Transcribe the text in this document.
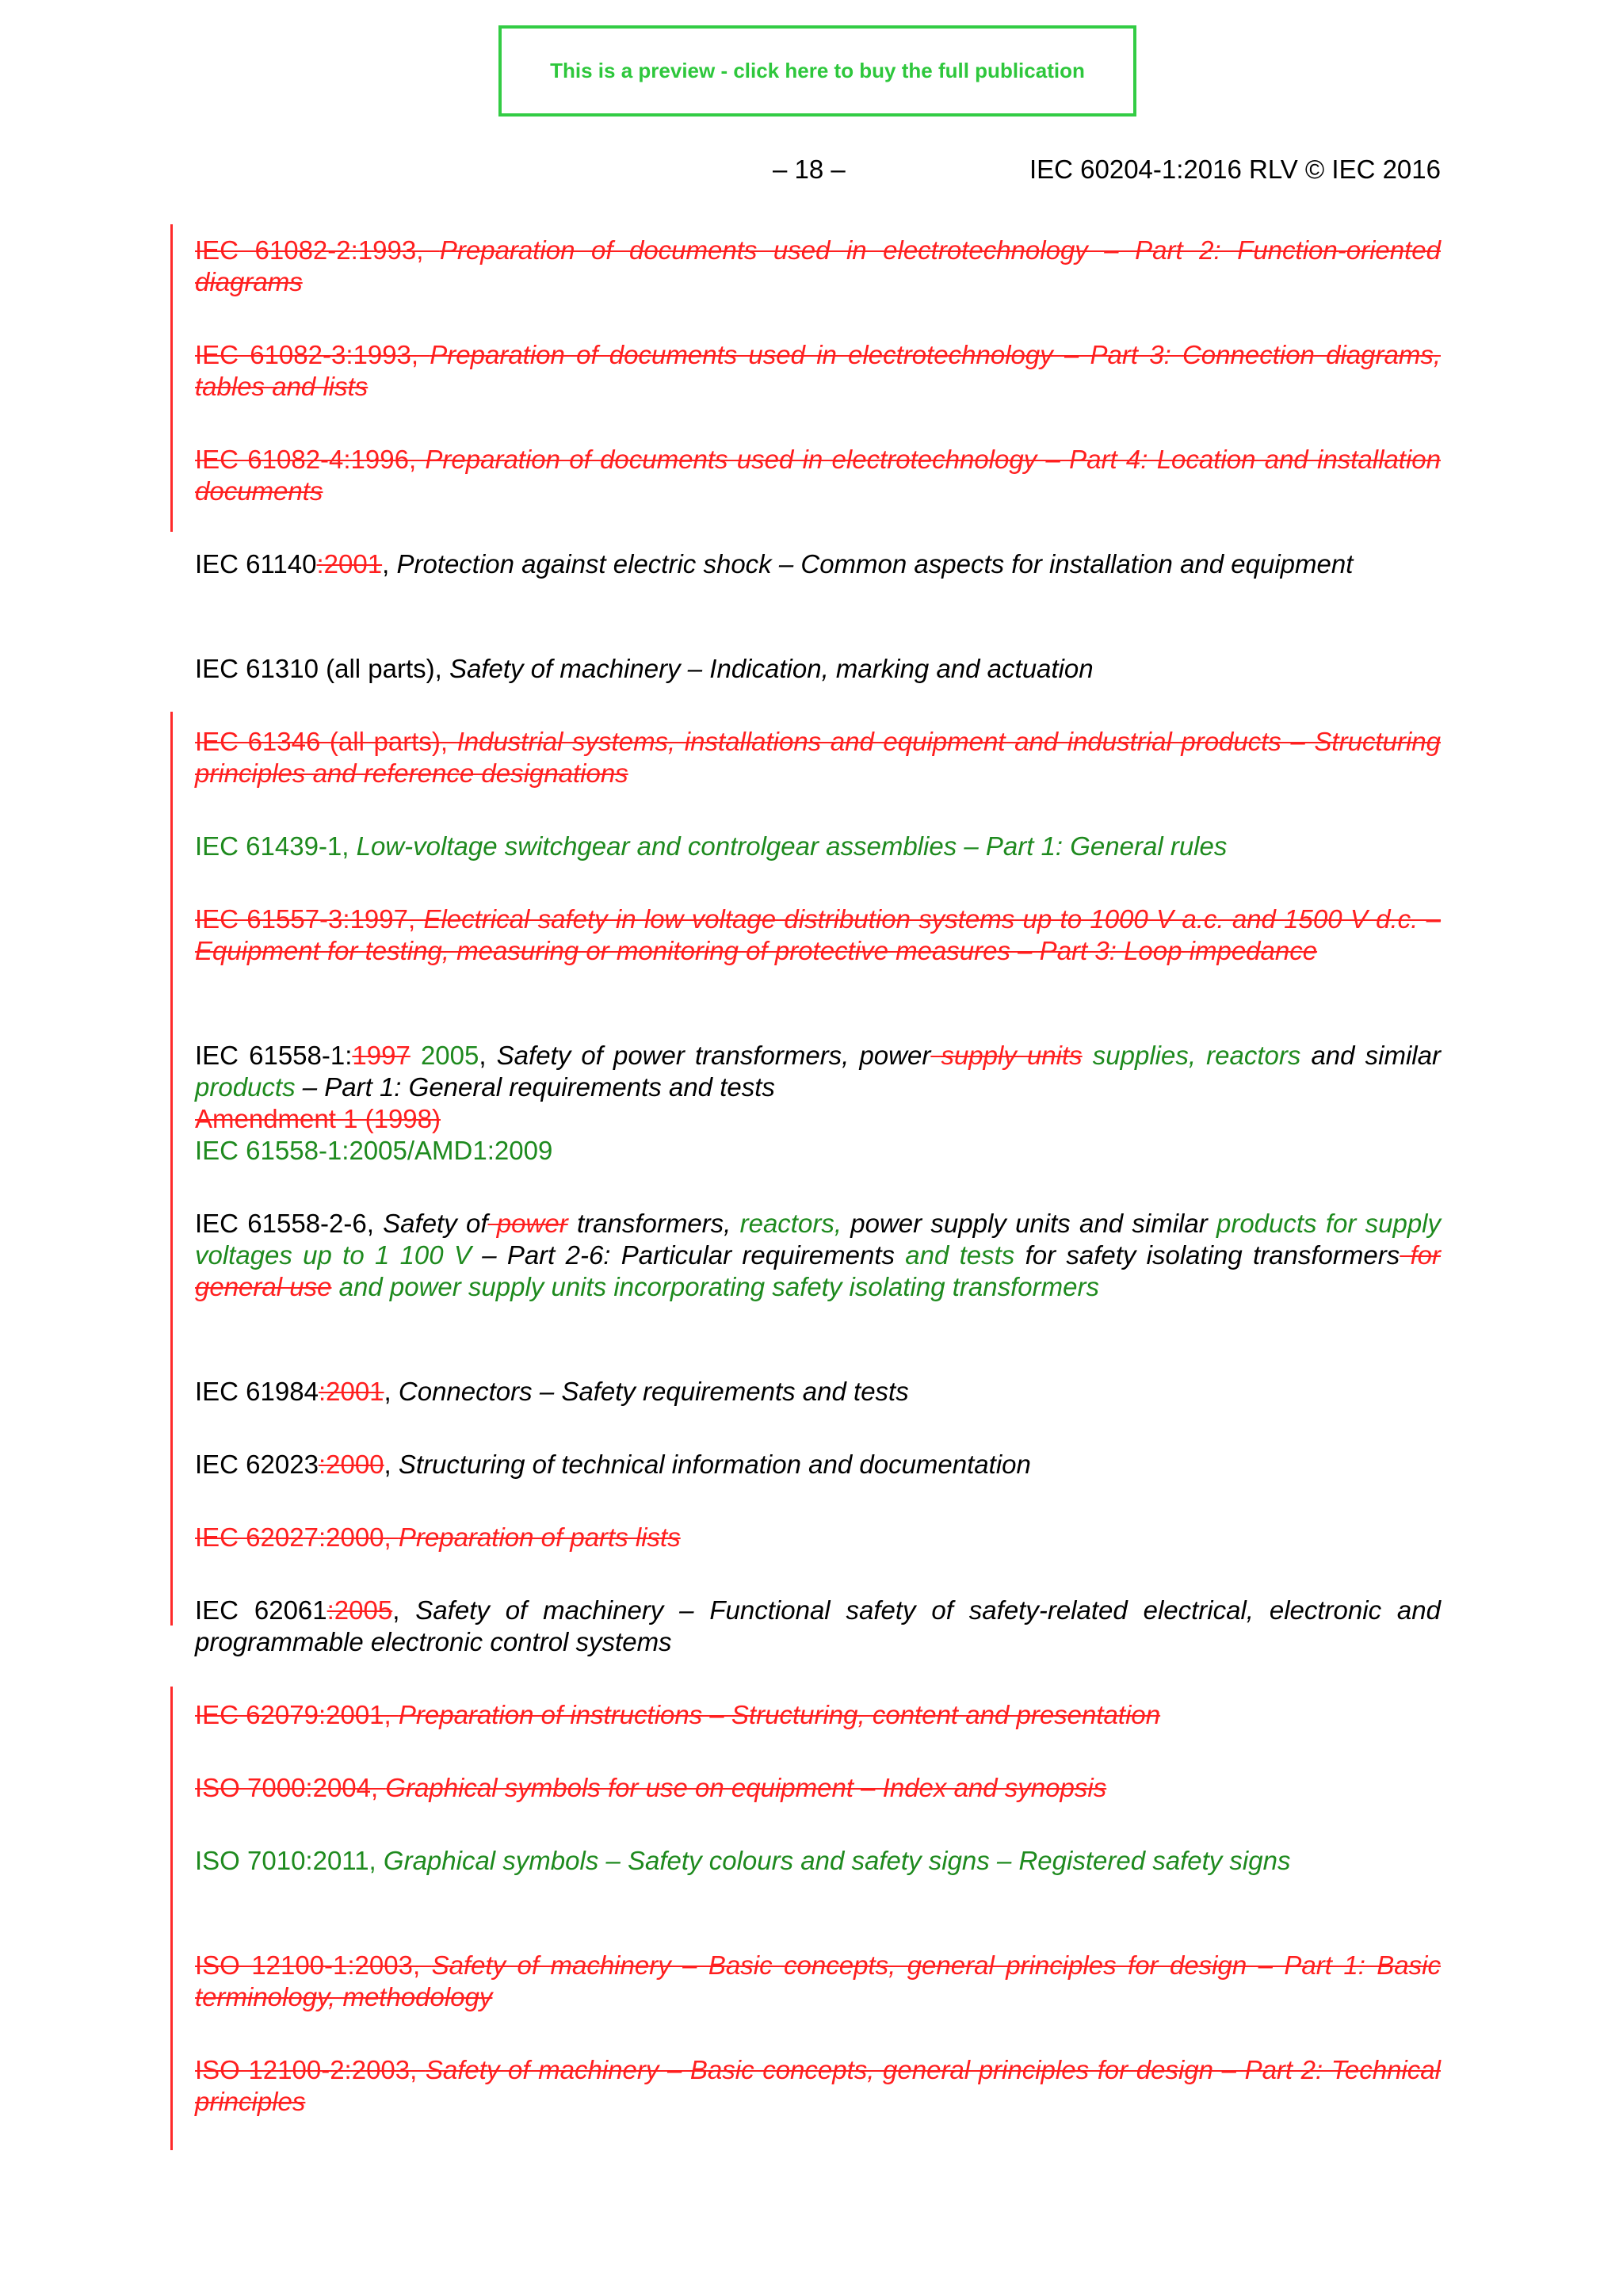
This is a preview - click here to buy the full publication
– 18 –	IEC 60204-1:2016 RLV © IEC 2016
IEC 61082-2:1993, Preparation of documents used in electrotechnology – Part 2: Function-oriented diagrams
IEC 61082-3:1993, Preparation of documents used in electrotechnology – Part 3: Connection diagrams, tables and lists
IEC 61082-4:1996, Preparation of documents used in electrotechnology – Part 4: Location and installation documents
IEC 61140:2001, Protection against electric shock – Common aspects for installation and equipment
IEC 61310 (all parts), Safety of machinery – Indication, marking and actuation
IEC 61346 (all parts), Industrial systems, installations and equipment and industrial products – Structuring principles and reference designations
IEC 61439-1, Low-voltage switchgear and controlgear assemblies – Part 1: General rules
IEC 61557-3:1997, Electrical safety in low voltage distribution systems up to 1000 V a.c. and 1500 V d.c. – Equipment for testing, measuring or monitoring of protective measures – Part 3: Loop impedance
IEC 61558-1:1997 2005, Safety of power transformers, power supply units supplies, reactors and similar products – Part 1: General requirements and tests
Amendment 1 (1998)
IEC 61558-1:2005/AMD1:2009
IEC 61558-2-6, Safety of power transformers, reactors, power supply units and similar products for supply voltages up to 1 100 V – Part 2-6: Particular requirements and tests for safety isolating transformers for general use and power supply units incorporating safety isolating transformers
IEC 61984:2001, Connectors – Safety requirements and tests
IEC 62023:2000, Structuring of technical information and documentation
IEC 62027:2000, Preparation of parts lists
IEC 62061:2005, Safety of machinery – Functional safety of safety-related electrical, electronic and programmable electronic control systems
IEC 62079:2001, Preparation of instructions – Structuring, content and presentation
ISO 7000:2004, Graphical symbols for use on equipment – Index and synopsis
ISO 7010:2011, Graphical symbols – Safety colours and safety signs – Registered safety signs
ISO 12100-1:2003, Safety of machinery – Basic concepts, general principles for design – Part 1: Basic terminology, methodology
ISO 12100-2:2003, Safety of machinery – Basic concepts, general principles for design – Part 2: Technical principles
